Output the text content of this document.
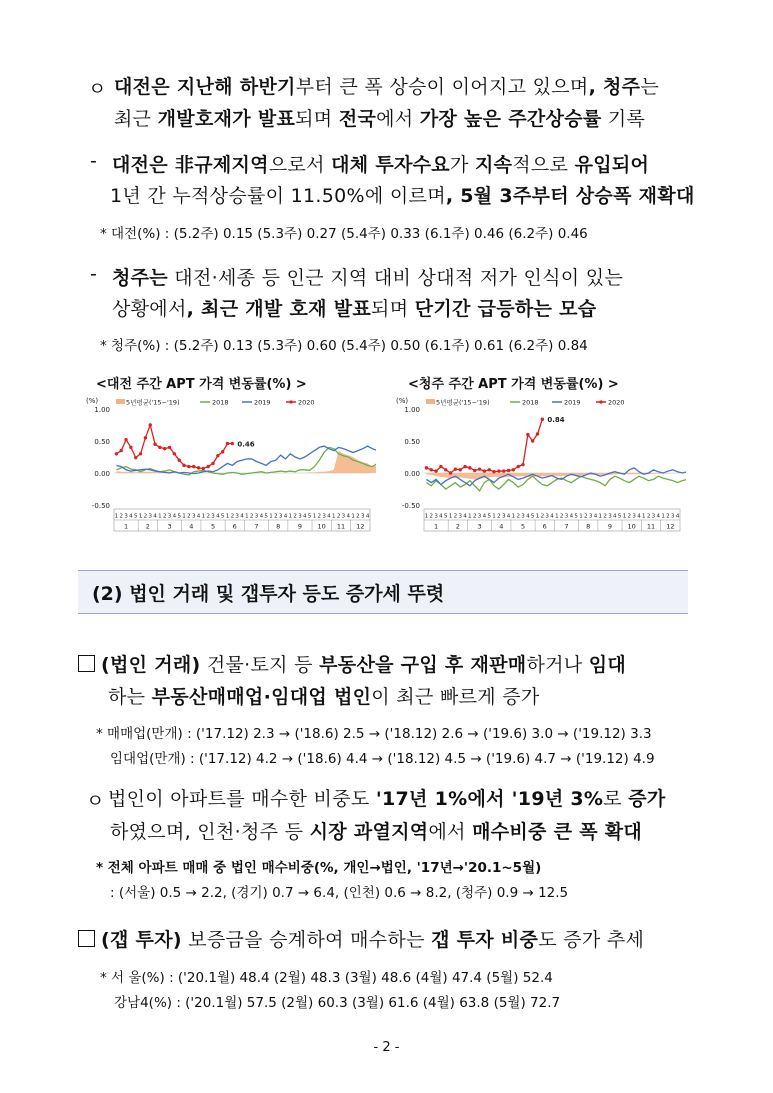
ㅇ 대전은 지난해 하반기부터 큰 폭 상승이 이어지고 있으며, 청주는
최근 개발호재가 발표되며 전국에서 가장 높은 주간상승률 기록
- 대전은 非규제지역으로서 대체 투자수요가 지속적으로 유입되어
1년 간 누적상승률이 11.50%에 이르며, 5월 3주부터 상승폭 재확대
* 대전(%) : (5.2주) 0.15 (5.3주) 0.27 (5.4주) 0.33 (6.1주) 0.46 (6.2주) 0.46
- 청주는 대전·세종 등 인근 지역 대비 상대적 저가 인식이 있는
상황에서, 최근 개발 호재 발표되며 단기간 급등하는 모습
* 청주(%) : (5.2주) 0.13 (5.3주) 0.60 (5.4주) 0.50 (6.1주) 0.61 (6.2주) 0.84
<대전 주간 APT 가격 변동률(%) >	<청주 주간 APT 가격 변동률(%) >
(%)	5년평균('15~'19)	2018	2019	2020
1.00
0.50
0.00
-0.50
0.46
1 2 3 4 5
1
1 2 3 4
2
1 2 3 4 5
3
1 2 3 4
4
1 2 3 4 5
5
1 2 3 4
6
1 2 3 4 5
7
1 2 3 4
8
1 2 3 4 5
9
1 2 3 4
10
1 2 3 4
11
1 2 3 4
12
(%)	5년평균('15~'19)	2018	2019	2020
1.00
0.50
0.00
-0.50
0.84
1 2 3 4 5
1
1 2 3 4
2
1 2 3 4 5
3
1 2 3 4
4
1 2 3 4 5
5
1 2 3 4
6
1 2 3 4 5
7
1 2 3 4
8
1 2 3 4 5
9
1 2 3 4
10
1 2 3 4
11
1 2 3 4
12
(2) 법인 거래 및 갭투자 등도 증가세 뚜렷
(법인 거래) 건물·토지 등 부동산을 구입 후 재판매하거나 임대
하는 부동산매매업·임대업 법인이 최근 빠르게 증가
* 매매업(만개) : ('17.12) 2.3 → ('18.6) 2.5 → ('18.12) 2.6 → ('19.6) 3.0 → ('19.12) 3.3
임대업(만개) : ('17.12) 4.2 → ('18.6) 4.4 → ('18.12) 4.5 → ('19.6) 4.7 → ('19.12) 4.9
ㅇ 법인이 아파트를 매수한 비중도 '17년 1%에서 '19년 3%로 증가
하였으며, 인천·청주 등 시장 과열지역에서 매수비중 큰 폭 확대
* 전체 아파트 매매 중 법인 매수비중(%, 개인→법인, '17년→'20.1~5월)
: (서울) 0.5 → 2.2, (경기) 0.7 → 6.4, (인천) 0.6 → 8.2, (청주) 0.9 → 12.5
(갭 투자) 보증금을 승계하여 매수하는 갭 투자 비중도 증가 추세
* 서 울(%) : ('20.1월) 48.4 (2월) 48.3 (3월) 48.6 (4월) 47.4 (5월) 52.4
강남4(%) : ('20.1월) 57.5 (2월) 60.3 (3월) 61.6 (4월) 63.8 (5월) 72.7
- 2 -
